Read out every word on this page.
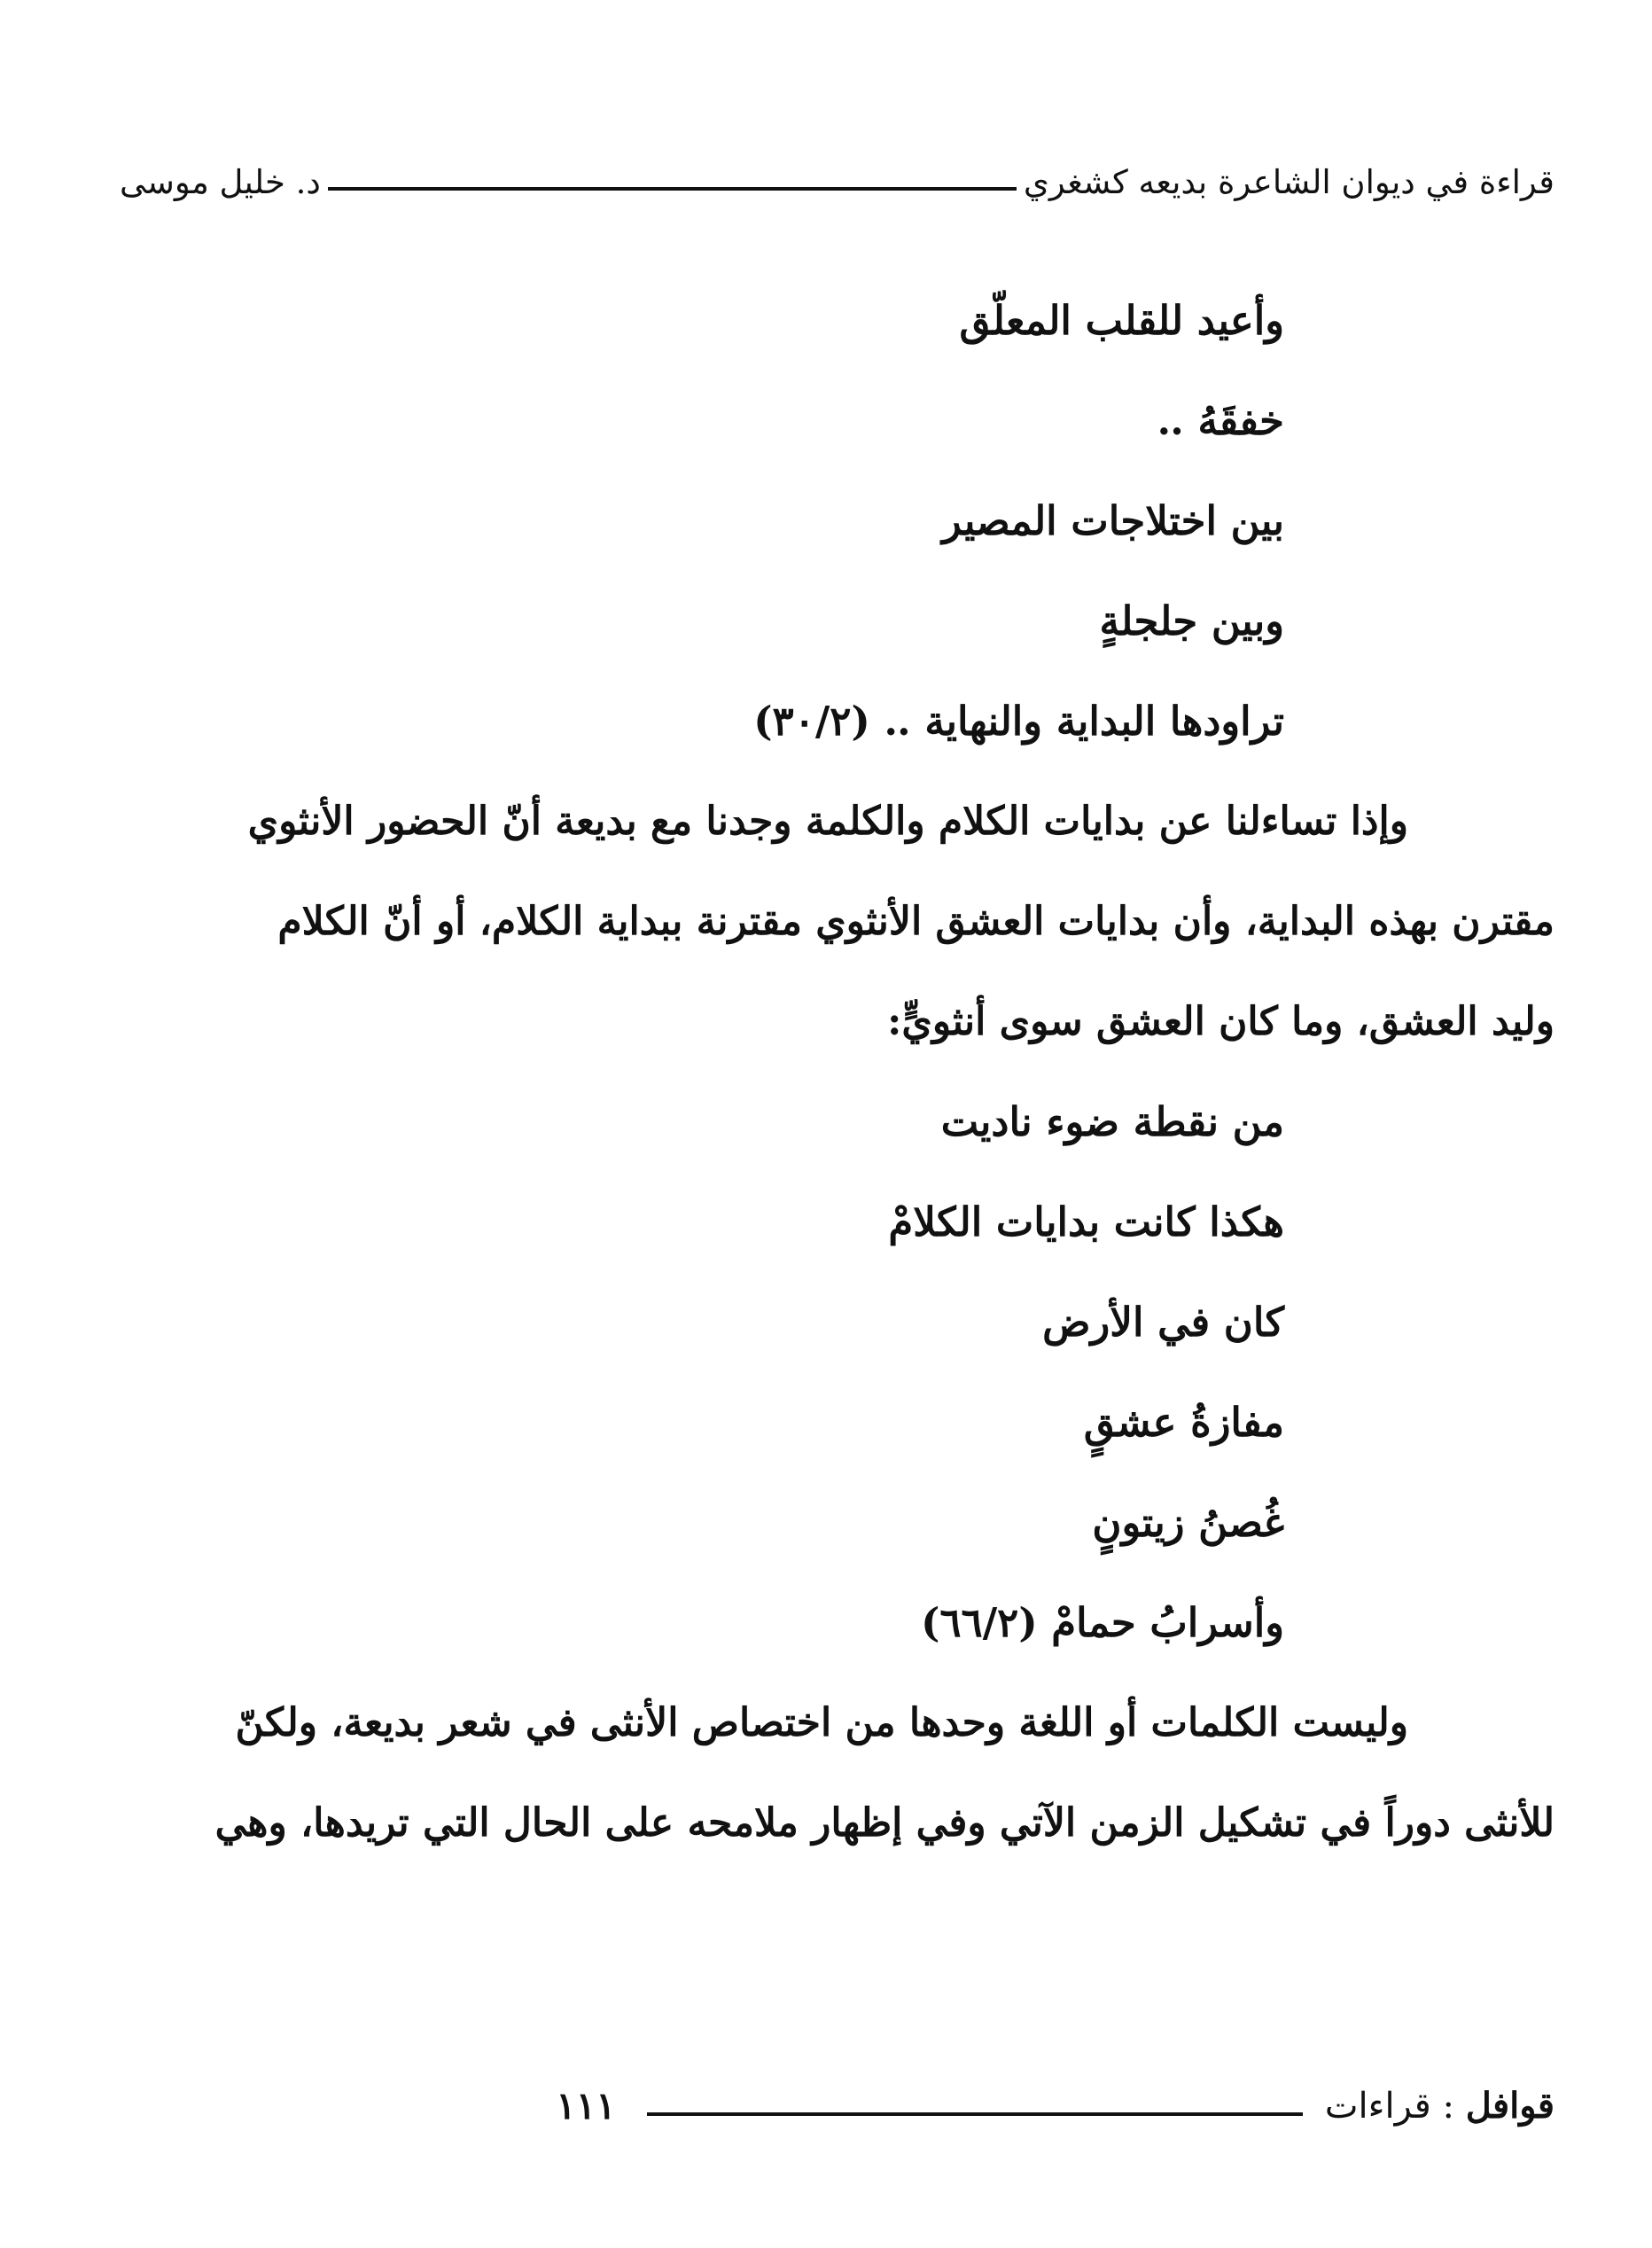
قراءة في ديوان الشاعرة بديعه كشغري
د. خليل موسى
وأعيد للقلب المعلّق
خفقَهُ ‥
بين اختلاجات المصير
وبين جلجلةٍ
تراودها البداية والنهاية ‥ (٣٠/٢)
وإذا تساءلنا عن بدايات الكلام والكلمة وجدنا مع بديعة أنّ الحضور الأنثوي
مقترن بهذه البداية، وأن بدايات العشق الأنثوي مقترنة ببداية الكلام، أو أنّ الكلام
وليد العشق، وما كان العشق سوى أنثويٍّ:
من نقطة ضوء ناديت
هكذا كانت بدايات الكلامْ
كان في الأرض
مفازةُ عشقٍ
غُصنُ زيتونٍ
وأسرابُ حمامْ (٦٦/٢)
وليست الكلمات أو اللغة وحدها من اختصاص الأنثى في شعر بديعة، ولكنّ
للأنثى دوراً في تشكيل الزمن الآتي وفي إظهار ملامحه على الحال التي تريدها، وهي
قوافل : قراءات
١١١
